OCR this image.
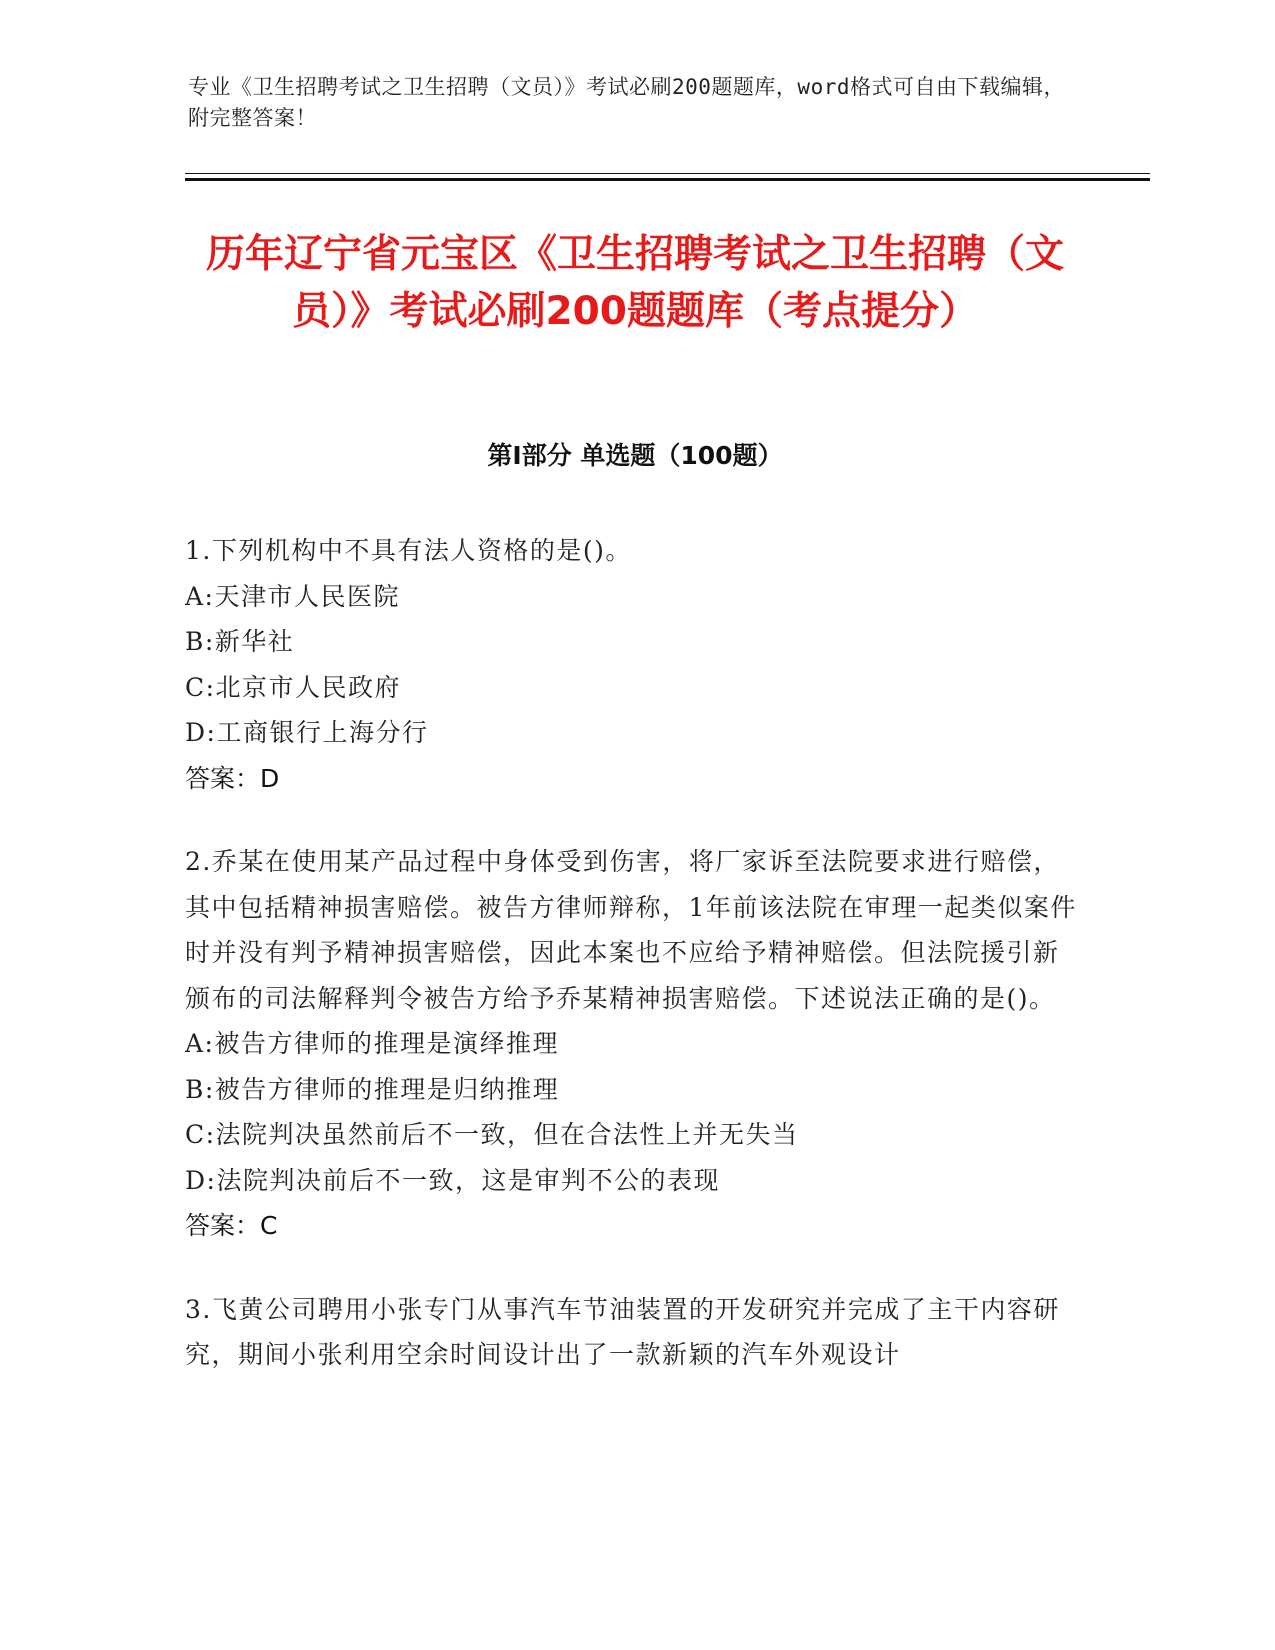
专业《卫生招聘考试之卫生招聘（文员）》考试必刷200题题库，word格式可自由下载编辑，附完整答案！
历年辽宁省元宝区《卫生招聘考试之卫生招聘（文员）》考试必刷200题题库（考点提分）
第I部分 单选题（100题）
1.下列机构中不具有法人资格的是()。
A:天津市人民医院
B:新华社
C:北京市人民政府
D:工商银行上海分行
答案：D
2.乔某在使用某产品过程中身体受到伤害，将厂家诉至法院要求进行赔偿，其中包括精神损害赔偿。被告方律师辩称，1年前该法院在审理一起类似案件时并没有判予精神损害赔偿，因此本案也不应给予精神赔偿。但法院援引新颁布的司法解释判令被告方给予乔某精神损害赔偿。下述说法正确的是()。
A:被告方律师的推理是演绎推理
B:被告方律师的推理是归纳推理
C:法院判决虽然前后不一致，但在合法性上并无失当
D:法院判决前后不一致，这是审判不公的表现
答案：C
3.飞黄公司聘用小张专门从事汽车节油装置的开发研究并完成了主干内容研究，期间小张利用空余时间设计出了一款新颖的汽车外观设计
